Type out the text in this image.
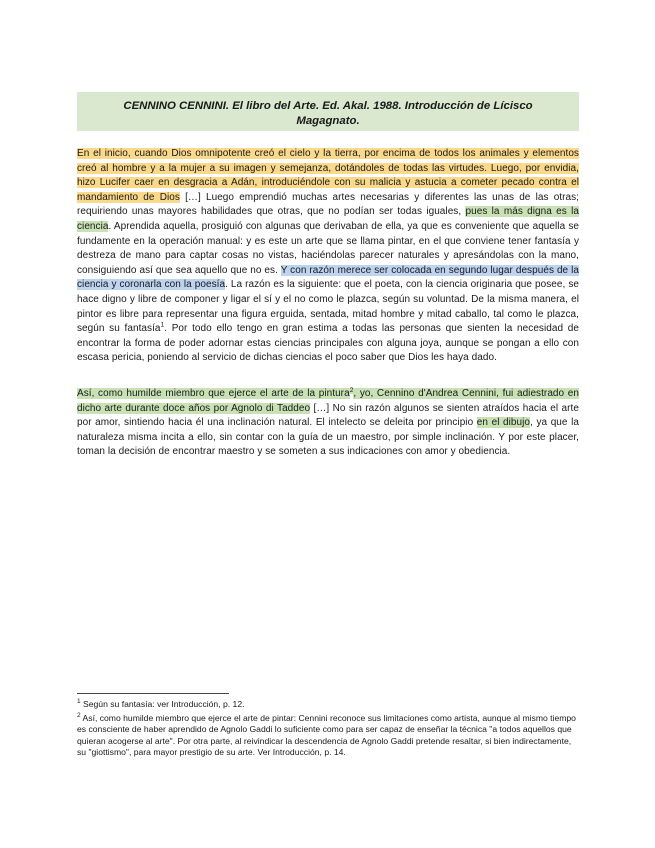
CENNINO CENNINI. El libro del Arte. Ed. Akal. 1988. Introducción de Lícisco Magagnato.
En el inicio, cuando Dios omnipotente creó el cielo y la tierra, por encima de todos los animales y elementos creó al hombre y a la mujer a su imagen y semejanza, dotándoles de todas las virtudes. Luego, por envidia, hizo Lucifer caer en desgracia a Adán, introduciéndole con su malicia y astucia a cometer pecado contra el mandamiento de Dios […] Luego emprendió muchas artes necesarias y diferentes las unas de las otras; requiriendo unas mayores habilidades que otras, que no podían ser todas iguales, pues la más digna es la ciencia. Aprendida aquella, prosiguió con algunas que derivaban de ella, ya que es conveniente que aquella se fundamente en la operación manual: y es este un arte que se llama pintar, en el que conviene tener fantasía y destreza de mano para captar cosas no vistas, haciéndolas parecer naturales y apresándolas con la mano, consiguiendo así que sea aquello que no es. Y con razón merece ser colocada en segundo lugar después de la ciencia y coronarla con la poesía. La razón es la siguiente: que el poeta, con la ciencia originaria que posee, se hace digno y libre de componer y ligar el sí y el no como le plazca, según su voluntad. De la misma manera, el pintor es libre para representar una figura erguida, sentada, mitad hombre y mitad caballo, tal como le plazca, según su fantasía$^1$. Por todo ello tengo en gran estima a todas las personas que sienten la necesidad de encontrar la forma de poder adornar estas ciencias principales con alguna joya, aunque se pongan a ello con escasa pericia, poniendo al servicio de dichas ciencias el poco saber que Dios les haya dado.
Así, como humilde miembro que ejerce el arte de la pintura$^2$, yo, Cennino d'Andrea Cennini, fui adiestrado en dicho arte durante doce años por Agnolo di Taddeo […] No sin razón algunos se sienten atraídos hacia el arte por amor, sintiendo hacia él una inclinación natural. El intelecto se deleita por principio en el dibujo, ya que la naturaleza misma incita a ello, sin contar con la guía de un maestro, por simple inclinación. Y por este placer, toman la decisión de encontrar maestro y se someten a sus indicaciones con amor y obediencia.

$^1$ Según su fantasía: ver Introducción, p. 12.

$^2$ Así, como humilde miembro que ejerce el arte de pintar: Cennini reconoce sus limitaciones como artista, aunque al mismo tiempo es consciente de haber aprendido de Agnolo Gaddi lo suficiente como para ser capaz de enseñar la técnica "a todos aquellos que quieran acogerse al arte". Por otra parte, al reivindicar la descendencia de Agnolo Gaddi pretende resaltar, si bien indirectamente, su "giottismo", para mayor prestigio de su arte. Ver Introducción, p. 14.
